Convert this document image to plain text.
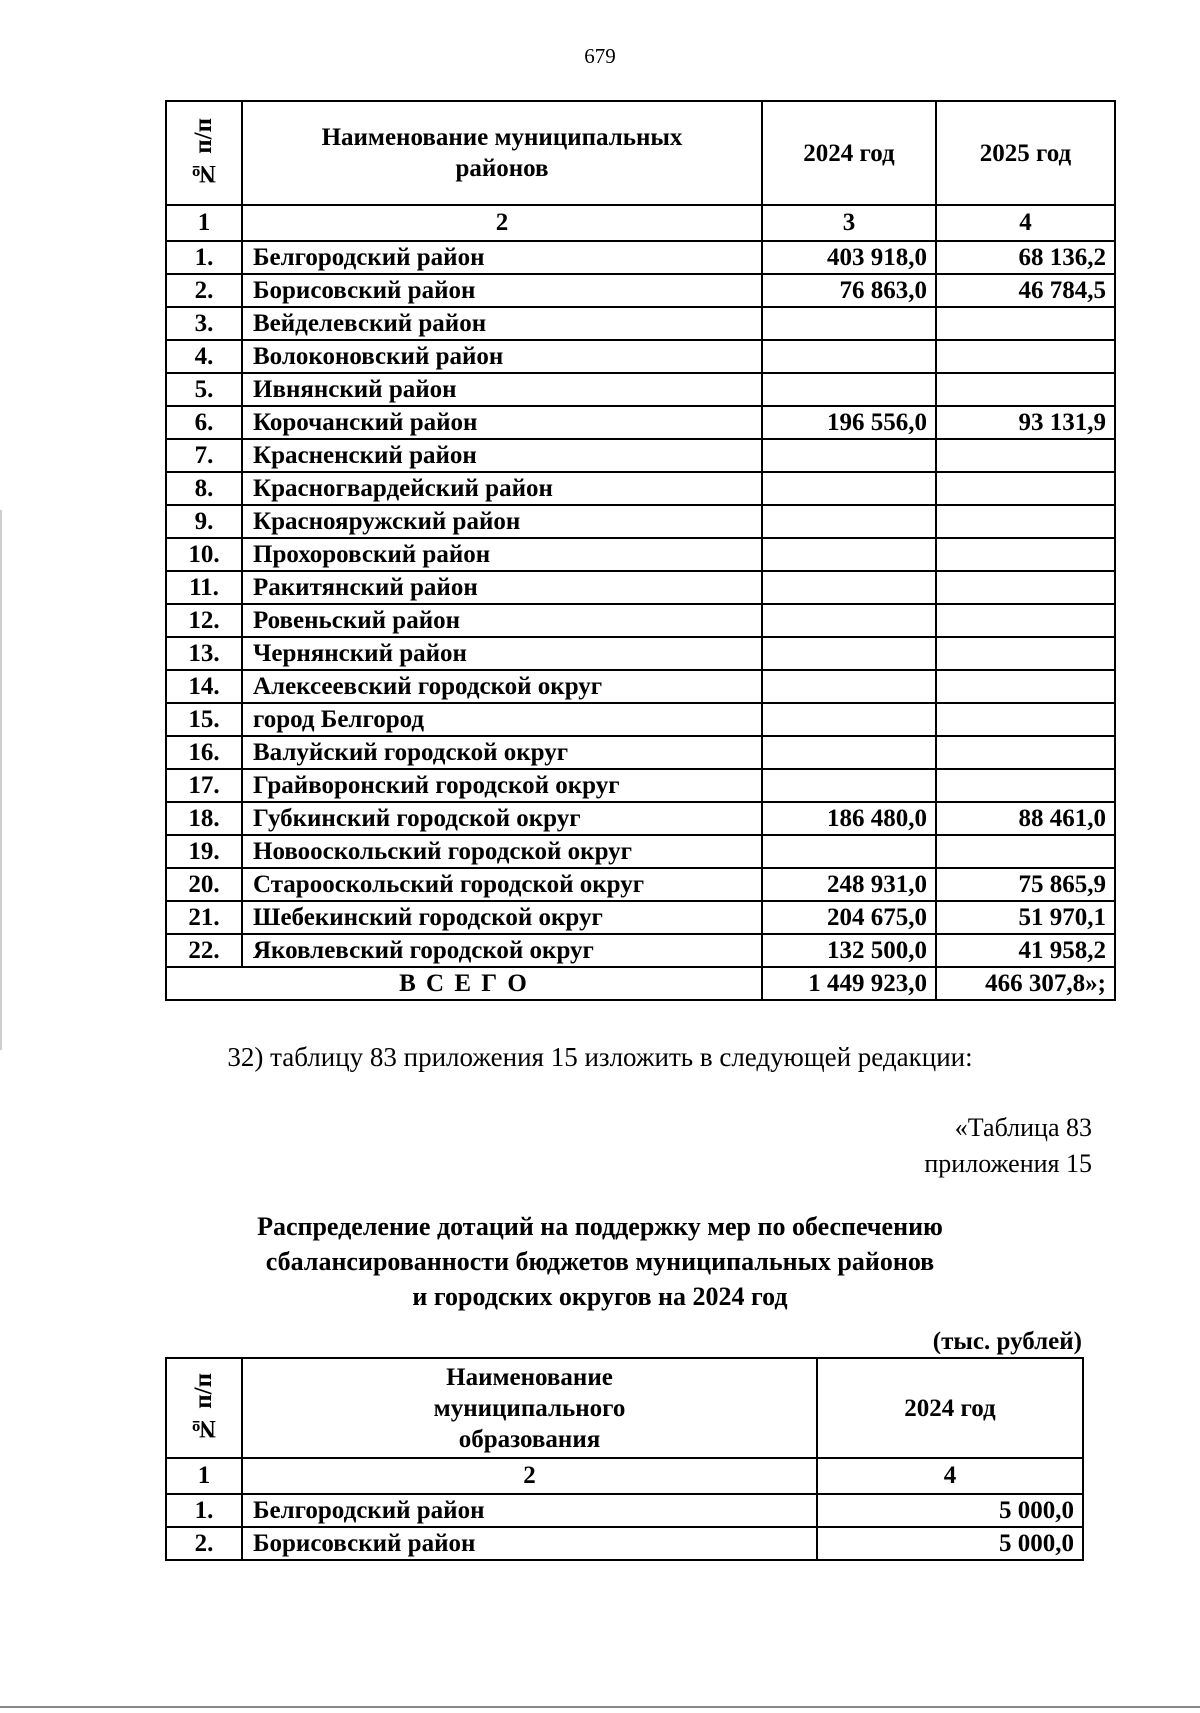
679
№ п/п	Наименование муниципальных районов	2024 год	2025 год
1	2	3	4
1.	Белгородский район	403 918,0	68 136,2
2.	Борисовский район	76 863,0	46 784,5
3.	Вейделевский район		
4.	Волоконовский район		
5.	Ивнянский район		
6.	Корочанский район	196 556,0	93 131,9
7.	Красненский район		
8.	Красногвардейский район		
9.	Краснояружский район		
10.	Прохоровский район		
11.	Ракитянский район		
12.	Ровеньский район		
13.	Чернянский район		
14.	Алексеевский городской округ		
15.	город Белгород		
16.	Валуйский городской округ		
17.	Грайворонский городской округ		
18.	Губкинский городской округ	186 480,0	88 461,0
19.	Новооскольский городской округ		
20.	Старооскольский городской округ	248 931,0	75 865,9
21.	Шебекинский городской округ	204 675,0	51 970,1
22.	Яковлевский городской округ	132 500,0	41 958,2
В С Е Г О		1 449 923,0	466 307,8»;
32) таблицу 83 приложения 15 изложить в следующей редакции:
«Таблица 83
приложения 15
Распределение дотаций на поддержку мер по обеспечению
сбалансированности бюджетов муниципальных районов
и городских округов на 2024 год
(тыс. рублей)
№ п/п	Наименование муниципального образования	2024 год
1	2	4
1.	Белгородский район	5 000,0
2.	Борисовский район	5 000,0
